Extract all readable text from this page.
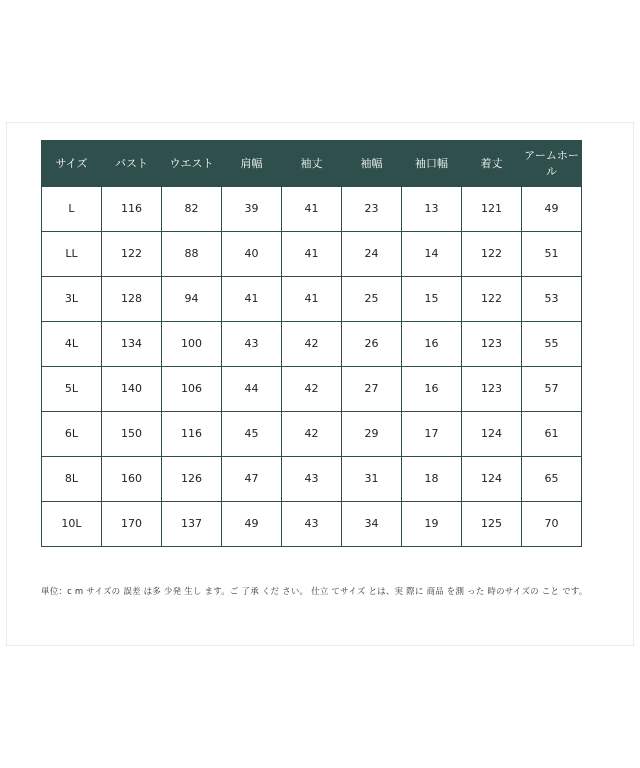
サイズ	バスト	ウエスト	肩幅	袖丈	袖幅	袖口幅	着丈	アームホール
L	116	82	39	41	23	13	121	49
LL	122	88	40	41	24	14	122	51
3L	128	94	41	41	25	15	122	53
4L	134	100	43	42	26	16	123	55
5L	140	106	44	42	27	16	123	57
6L	150	116	45	42	29	17	124	61
8L	160	126	47	43	31	18	124	65
10L	170	137	49	43	34	19	125	70
単位：c m サイズの 誤差 は多 少発 生し ます。ご 了承 くだ さい。 仕立 てサイズ とは、実 際に 商品 を測 った 時のサイズの こと です。
